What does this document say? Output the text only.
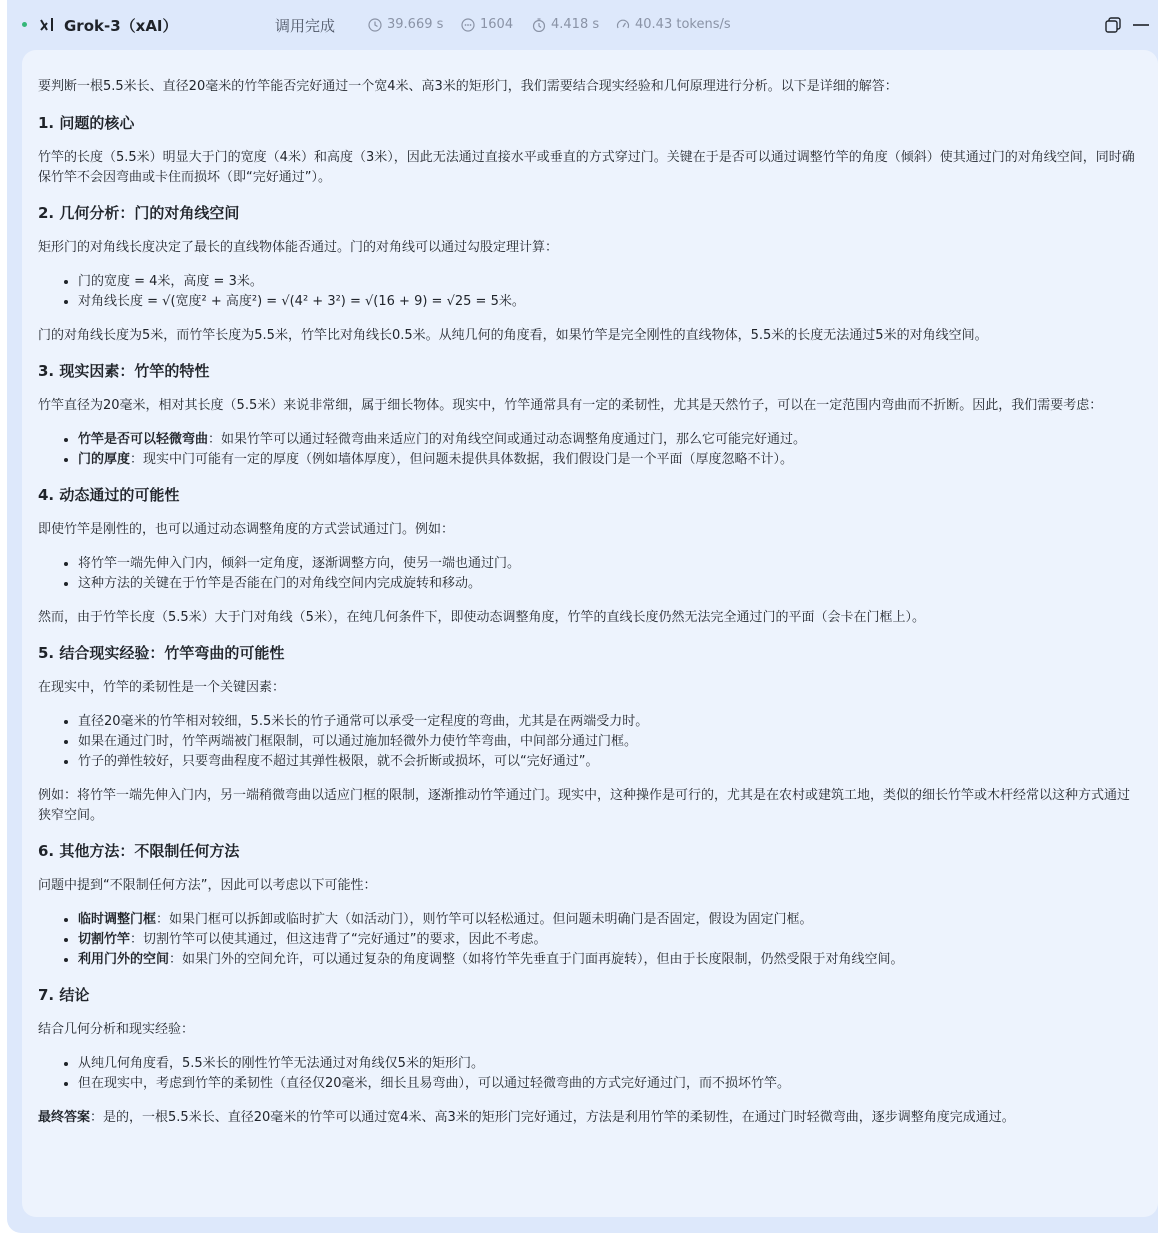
Grok-3（xAI）	调用完成	39.669 s	1604	4.418 s	40.43 tokens/s

要判断一根5.5米长、直径20毫米的竹竿能否完好通过一个宽4米、高3米的矩形门，我们需要结合现实经验和几何原理进行分析。以下是详细的解答：

1. 问题的核心

竹竿的长度（5.5米）明显大于门的宽度（4米）和高度（3米），因此无法通过直接水平或垂直的方式穿过门。关键在于是否可以通过调整竹竿的角度（倾斜）使其通过门的对角线空间，同时确保竹竿不会因弯曲或卡住而损坏（即“完好通过”）。

2. 几何分析：门的对角线空间

矩形门的对角线长度决定了最长的直线物体能否通过。门的对角线可以通过勾股定理计算：

• 门的宽度 = 4米，高度 = 3米。
• 对角线长度 = √(宽度² + 高度²) = √(4² + 3²) = √(16 + 9) = √25 = 5米。

门的对角线长度为5米，而竹竿长度为5.5米，竹竿比对角线长0.5米。从纯几何的角度看，如果竹竿是完全刚性的直线物体，5.5米的长度无法通过5米的对角线空间。

3. 现实因素：竹竿的特性

竹竿直径为20毫米，相对其长度（5.5米）来说非常细，属于细长物体。现实中，竹竿通常具有一定的柔韧性，尤其是天然竹子，可以在一定范围内弯曲而不折断。因此，我们需要考虑：

• 竹竿是否可以轻微弯曲：如果竹竿可以通过轻微弯曲来适应门的对角线空间或通过动态调整角度通过门，那么它可能完好通过。
• 门的厚度：现实中门可能有一定的厚度（例如墙体厚度），但问题未提供具体数据，我们假设门是一个平面（厚度忽略不计）。
4. 动态通过的可能性

即使竹竿是刚性的，也可以通过动态调整角度的方式尝试通过门。例如：

• 将竹竿一端先伸入门内，倾斜一定角度，逐渐调整方向，使另一端也通过门。
• 这种方法的关键在于竹竿是否能在门的对角线空间内完成旋转和移动。

然而，由于竹竿长度（5.5米）大于门对角线（5米），在纯几何条件下，即使动态调整角度，竹竿的直线长度仍然无法完全通过门的平面（会卡在门框上）。

5. 结合现实经验：竹竿弯曲的可能性

在现实中，竹竿的柔韧性是一个关键因素：

• 直径20毫米的竹竿相对较细，5.5米长的竹子通常可以承受一定程度的弯曲，尤其是在两端受力时。
• 如果在通过门时，竹竿两端被门框限制，可以通过施加轻微外力使竹竿弯曲，中间部分通过门框。
• 竹子的弹性较好，只要弯曲程度不超过其弹性极限，就不会折断或损坏，可以“完好通过”。

例如：将竹竿一端先伸入门内，另一端稍微弯曲以适应门框的限制，逐渐推动竹竿通过门。现实中，这种操作是可行的，尤其是在农村或建筑工地，类似的细长竹竿或木杆经常以这种方式通过狭窄空间。

6. 其他方法：不限制任何方法

问题中提到“不限制任何方法”，因此可以考虑以下可能性：

• 临时调整门框：如果门框可以拆卸或临时扩大（如活动门），则竹竿可以轻松通过。但问题未明确门是否固定，假设为固定门框。
• 切割竹竿：切割竹竿可以使其通过，但这违背了“完好通过”的要求，因此不考虑。
• 利用门外的空间：如果门外的空间允许，可以通过复杂的角度调整（如将竹竿先垂直于门面再旋转），但由于长度限制，仍然受限于对角线空间。
7. 结论

结合几何分析和现实经验：

• 从纯几何角度看，5.5米长的刚性竹竿无法通过对角线仅5米的矩形门。
• 但在现实中，考虑到竹竿的柔韧性（直径仅20毫米，细长且易弯曲），可以通过轻微弯曲的方式完好通过门，而不损坏竹竿。

最终答案：是的，一根5.5米长、直径20毫米的竹竿可以通过宽4米、高3米的矩形门完好通过，方法是利用竹竿的柔韧性，在通过门时轻微弯曲，逐步调整角度完成通过。
